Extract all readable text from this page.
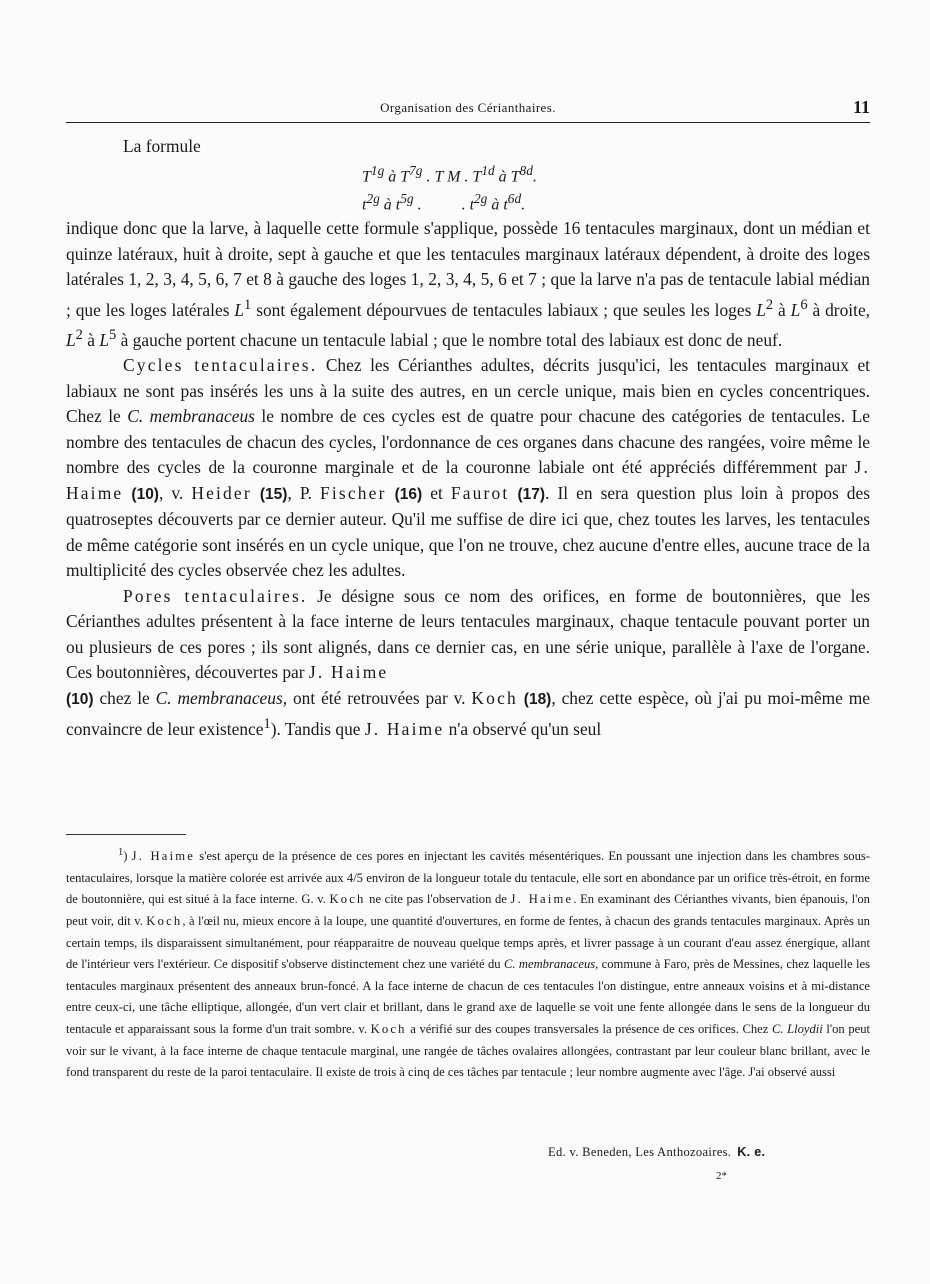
Organisation des Cérianthaires.	11
La formule
$T^{1g}$ à $T^{7g}$ . T M . $T^{1d}$ à $T^{8d}$.
$t^{2g}$ à $t^{5g}$ .	. $t^{2g}$ à $t^{6d}$.

indique donc que la larve, à laquelle cette formule s'applique, possède 16 tentacules marginaux, dont un médian et quinze latéraux, huit à droite, sept à gauche et que les tentacules marginaux latéraux dépendent, à droite des loges latérales 1, 2, 3, 4, 5, 6, 7 et 8 à gauche des loges 1, 2, 3, 4, 5, 6 et 7 ; que la larve n'a pas de tentacule labial médian ; que les loges latérales $L^1$ sont également dépourvues de tentacules labiaux ; que seules les loges $L^2$ à $L^6$ à droite, $L^2$ à $L^5$ à gauche portent chacune un tentacule labial ; que le nombre total des labiaux est donc de neuf.

Cycles tentaculaires. Chez les Cérianthes adultes, décrits jusqu'ici, les tentacules marginaux et labiaux ne sont pas insérés les uns à la suite des autres, en un cercle unique, mais bien en cycles concentriques. Chez le C. membranaceus le nombre de ces cycles est de quatre pour chacune des catégories de tentacules. Le nombre des tentacules de chacun des cycles, l'ordonnance de ces organes dans chacune des rangées, voire même le nombre des cycles de la couronne marginale et de la couronne labiale ont été appréciés différemment par J. Haime (10), v. Heider (15), P. Fischer (16) et Faurot (17). Il en sera question plus loin à propos des quatroseptes découverts par ce dernier auteur. Qu'il me suffise de dire ici que, chez toutes les larves, les tentacules de même catégorie sont insérés en un cycle unique, que l'on ne trouve, chez aucune d'entre elles, aucune trace de la multiplicité des cycles observée chez les adultes.

Pores tentaculaires. Je désigne sous ce nom des orifices, en forme de boutonnières, que les Cérianthes adultes présentent à la face interne de leurs tentacules marginaux, chaque tentacule pouvant porter un ou plusieurs de ces pores ; ils sont alignés, dans ce dernier cas, en une série unique, parallèle à l'axe de l'organe. Ces boutonnières, découvertes par J. Haime
(10) chez le C. membranaceus, ont été retrouvées par v. Koch (18), chez cette espèce, où j'ai pu moi-même me convaincre de leur existence$^1$). Tandis que J. Haime n'a observé qu'un seul

$^1$) J. Haime s'est aperçu de la présence de ces pores en injectant les cavités mésentériques. En poussant une injection dans les chambres sous-tentaculaires, lorsque la matière colorée est arrivée aux 4/5 environ de la longueur totale du tentacule, elle sort en abondance par un orifice très-étroit, en forme de boutonnière, qui est situé à la face interne. G. v. Koch ne cite pas l'observation de J. Haime. En examinant des Cérianthes vivants, bien épanouis, l'on peut voir, dit v. Koch, à l'œil nu, mieux encore à la loupe, une quantité d'ouvertures, en forme de fentes, à chacun des grands tentacules marginaux. Après un certain temps, ils disparaissent simultanément, pour réapparaitre de nouveau quelque temps après, et livrer passage à un courant d'eau assez énergique, allant de l'intérieur vers l'extérieur. Ce dispositif s'observe distinctement chez une variété du C. membranaceus, commune à Faro, près de Messines, chez laquelle les tentacules marginaux présentent des anneaux brun-foncé. A la face interne de chacun de ces tentacules l'on distingue, entre anneaux voisins et à mi-distance entre ceux-ci, une tâche elliptique, allongée, d'un vert clair et brillant, dans le grand axe de laquelle se voit une fente allongée dans le sens de la longueur du tentacule et apparaissant sous la forme d'un trait sombre. v. Koch a vérifié sur des coupes transversales la présence de ces orifices. Chez C. Lloydii l'on peut voir sur le vivant, à la face interne de chaque tentacule marginal, une rangée de tâches ovalaires allongées, contrastant par leur couleur blanc brillant, avec le fond transparent du reste de la paroi tentaculaire. Il existe de trois à cinq de ces tâches par tentacule ; leur nombre augmente avec l'âge. J'ai observé aussi

Ed. v. Beneden, Les Anthozoaires. K. e.
2*
